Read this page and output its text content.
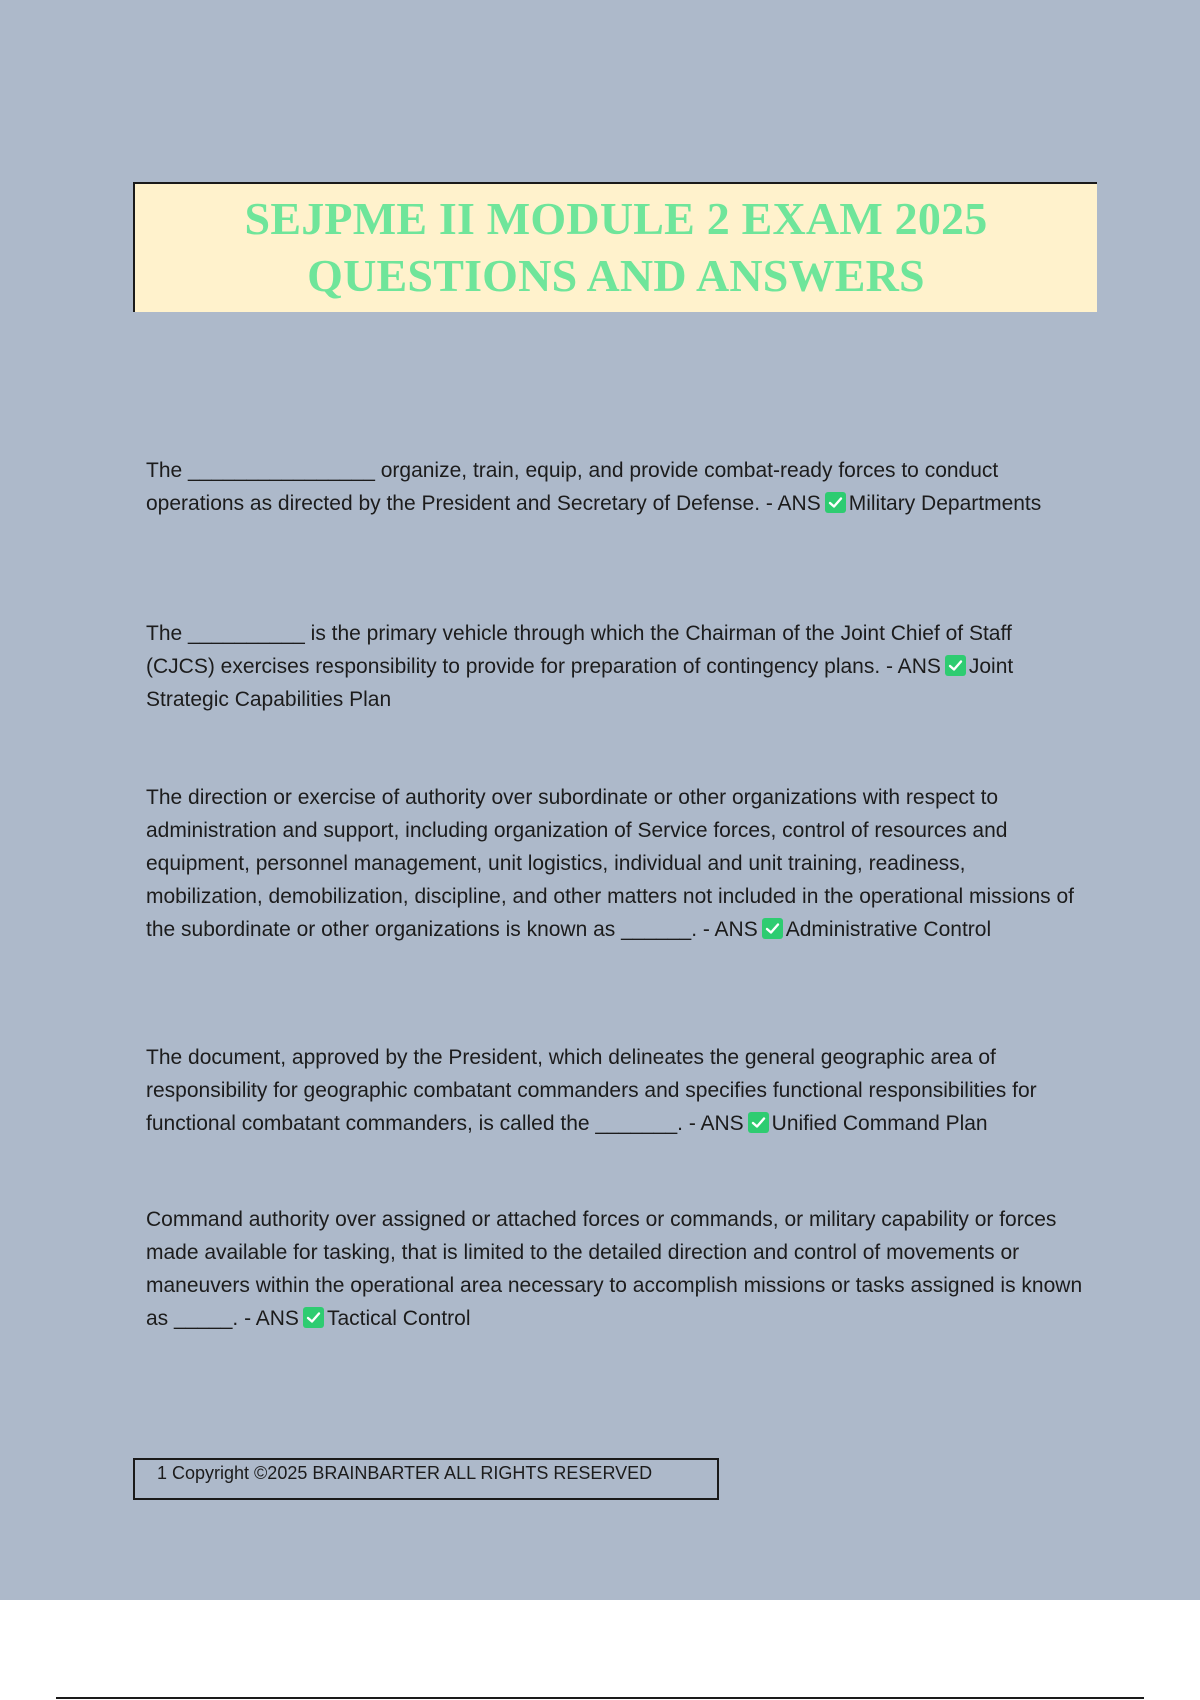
SEJPME II MODULE 2 EXAM 2025
QUESTIONS AND ANSWERS
The ________________ organize, train, equip, and provide combat-ready forces to conduct operations as directed by the President and Secretary of Defense. - ANS Military Departments
The __________ is the primary vehicle through which the Chairman of the Joint Chief of Staff (CJCS) exercises responsibility to provide for preparation of contingency plans. - ANS Joint Strategic Capabilities Plan
The direction or exercise of authority over subordinate or other organizations with respect to administration and support, including organization of Service forces, control of resources and equipment, personnel management, unit logistics, individual and unit training, readiness, mobilization, demobilization, discipline, and other matters not included in the operational missions of the subordinate or other organizations is known as ______. - ANS Administrative Control
The document, approved by the President, which delineates the general geographic area of responsibility for geographic combatant commanders and specifies functional responsibilities for functional combatant commanders, is called the _______. - ANS Unified Command Plan
Command authority over assigned or attached forces or commands, or military capability or forces made available for tasking, that is limited to the detailed direction and control of movements or maneuvers within the operational area necessary to accomplish missions or tasks assigned is known as _____. - ANS Tactical Control
1 Copyright ©2025 BRAINBARTER ALL RIGHTS RESERVED
